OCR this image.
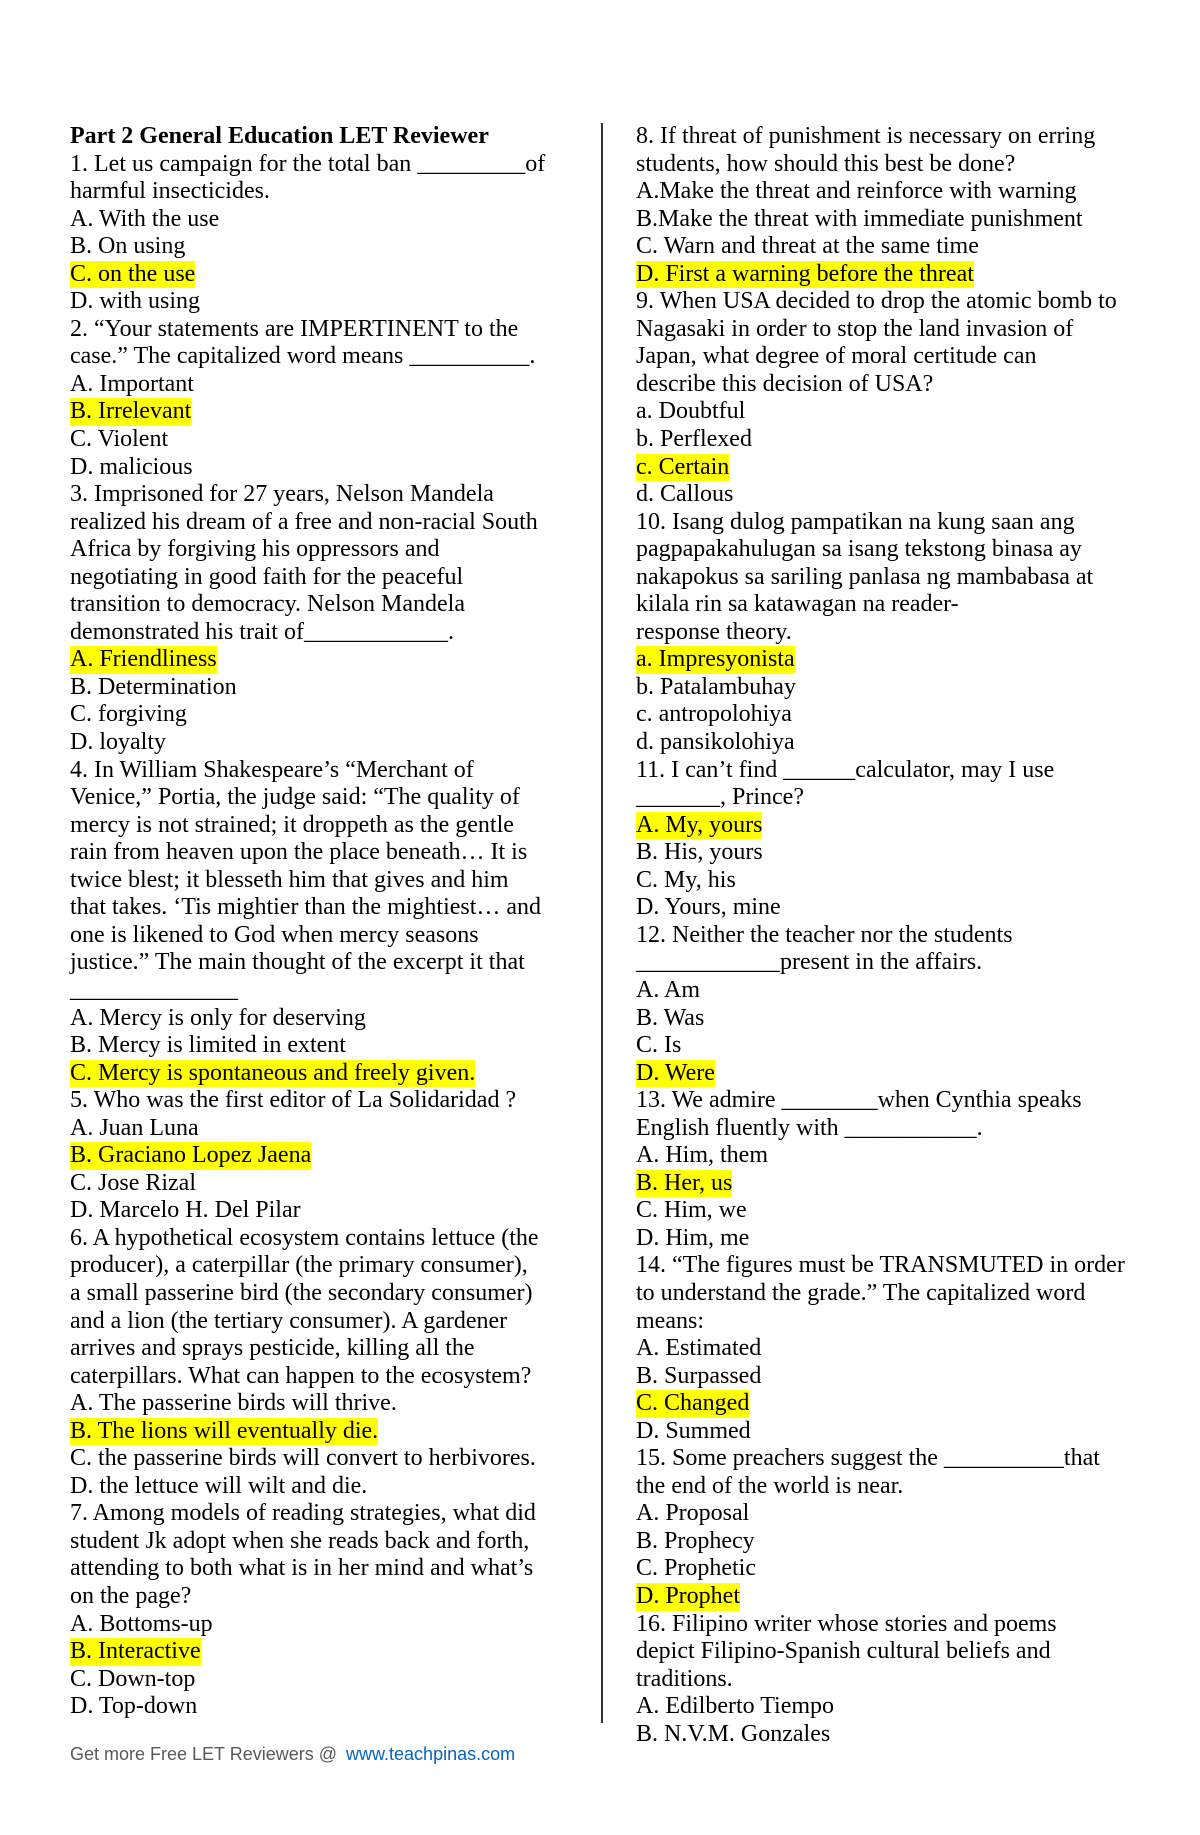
Part 2 General Education LET Reviewer
1. Let us campaign for the total ban _________of
harmful insecticides.
A. With the use
B. On using
C. on the use
D. with using
2. “Your statements are IMPERTINENT to the
case.” The capitalized word means __________.
A. Important
B. Irrelevant
C. Violent
D. malicious
3. Imprisoned for 27 years, Nelson Mandela
realized his dream of a free and non-racial South
Africa by forgiving his oppressors and
negotiating in good faith for the peaceful
transition to democracy. Nelson Mandela
demonstrated his trait of____________.
A. Friendliness
B. Determination
C. forgiving
D. loyalty
4. In William Shakespeare’s “Merchant of
Venice,” Portia, the judge said: “The quality of
mercy is not strained; it droppeth as the gentle
rain from heaven upon the place beneath… It is
twice blest; it blesseth him that gives and him
that takes. ‘Tis mightier than the mightiest… and
one is likened to God when mercy seasons
justice.” The main thought of the excerpt it that
______________
A. Mercy is only for deserving
B. Mercy is limited in extent
C. Mercy is spontaneous and freely given.
5. Who was the first editor of La Solidaridad ?
A. Juan Luna
B. Graciano Lopez Jaena
C. Jose Rizal
D. Marcelo H. Del Pilar
6. A hypothetical ecosystem contains lettuce (the
producer), a caterpillar (the primary consumer),
a small passerine bird (the secondary consumer)
and a lion (the tertiary consumer). A gardener
arrives and sprays pesticide, killing all the
caterpillars. What can happen to the ecosystem?
A. The passerine birds will thrive.
B. The lions will eventually die.
C. the passerine birds will convert to herbivores.
D. the lettuce will wilt and die.
7. Among models of reading strategies, what did
student Jk adopt when she reads back and forth,
attending to both what is in her mind and what’s
on the page?
A. Bottoms-up
B. Interactive
C. Down-top
D. Top-down
8. If threat of punishment is necessary on erring
students, how should this best be done?
A.Make the threat and reinforce with warning
B.Make the threat with immediate punishment
C. Warn and threat at the same time
D. First a warning before the threat
9. When USA decided to drop the atomic bomb to
Nagasaki in order to stop the land invasion of
Japan, what degree of moral certitude can
describe this decision of USA?
a. Doubtful
b. Perflexed
c. Certain
d. Callous
10. Isang dulog pampatikan na kung saan ang
pagpapakahulugan sa isang tekstong binasa ay
nakapokus sa sariling panlasa ng mambabasa at
kilala rin sa katawagan na reader-
response theory.
a. Impresyonista
b. Patalambuhay
c. antropolohiya
d. pansikolohiya
11. I can’t find ______calculator, may I use
_______, Prince?
A. My, yours
B. His, yours
C. My, his
D. Yours, mine
12. Neither the teacher nor the students
____________present in the affairs.
A. Am
B. Was
C. Is
D. Were
13. We admire ________when Cynthia speaks
English fluently with ___________.
A. Him, them
B. Her, us
C. Him, we
D. Him, me
14. “The figures must be TRANSMUTED in order
to understand the grade.” The capitalized word
means:
A. Estimated
B. Surpassed
C. Changed
D. Summed
15. Some preachers suggest the __________that
the end of the world is near.
A. Proposal
B. Prophecy
C. Prophetic
D. Prophet
16. Filipino writer whose stories and poems
depict Filipino-Spanish cultural beliefs and
traditions.
A. Edilberto Tiempo
B. N.V.M. Gonzales
Get more Free LET Reviewers @ www.teachpinas.com
